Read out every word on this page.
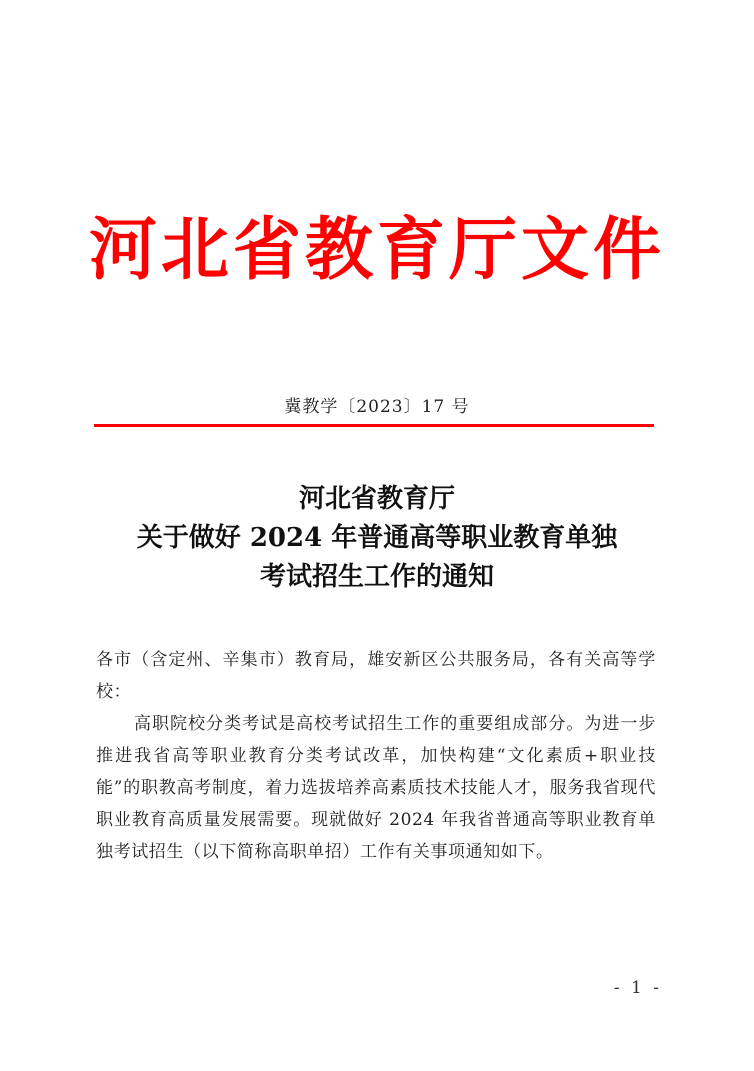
河北省教育厅文件
冀教学〔2023〕17 号
河北省教育厅
关于做好 2024 年普通高等职业教育单独
考试招生工作的通知

各市（含定州、辛集市）教育局，雄安新区公共服务局，各有关高等学校：

高职院校分类考试是高校考试招生工作的重要组成部分。为进一步推进我省高等职业教育分类考试改革，加快构建“文化素质+职业技能”的职教高考制度，着力选拔培养高素质技术技能人才，服务我省现代职业教育高质量发展需要。现就做好 2024 年我省普通高等职业教育单独考试招生（以下简称高职单招）工作有关事项通知如下。

- 1 -
